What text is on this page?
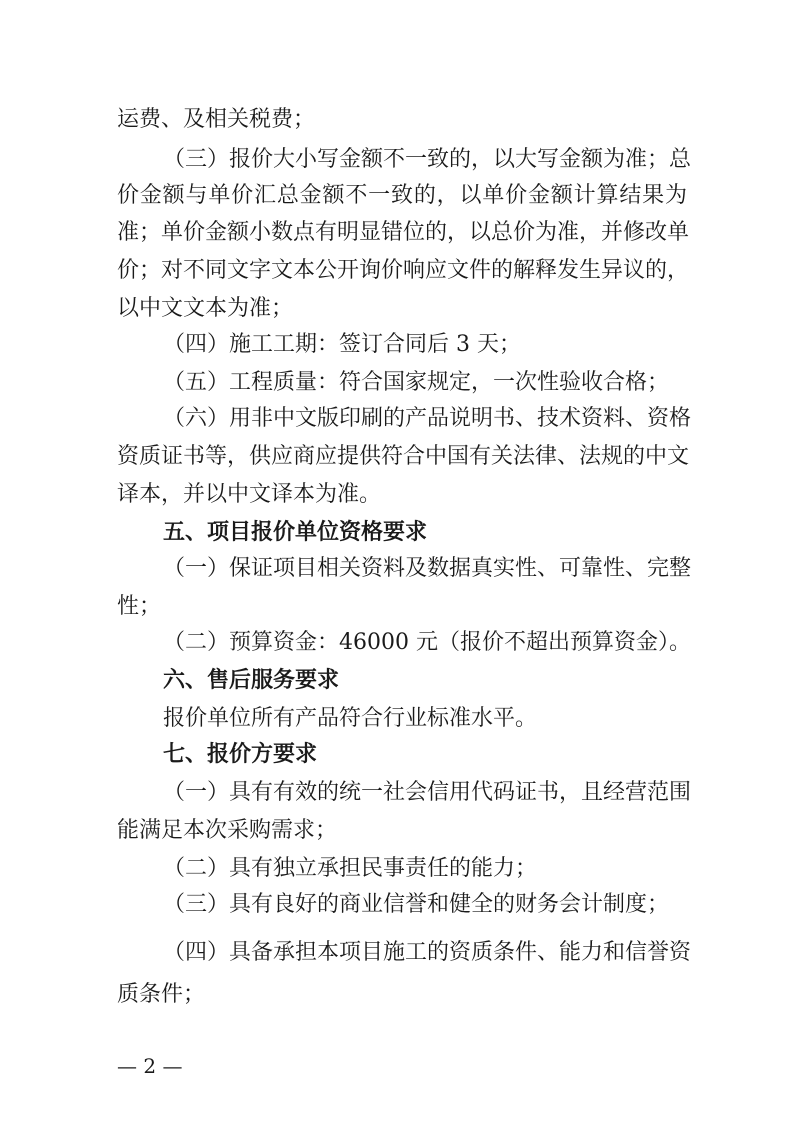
运费、及相关税费；
（三）报价大小写金额不一致的，以大写金额为准；总
价金额与单价汇总金额不一致的，以单价金额计算结果为
准；单价金额小数点有明显错位的，以总价为准，并修改单
价；对不同文字文本公开询价响应文件的解释发生异议的，
以中文文本为准；
（四）施工工期：签订合同后 3 天；
（五）工程质量：符合国家规定，一次性验收合格；
（六）用非中文版印刷的产品说明书、技术资料、资格
资质证书等，供应商应提供符合中国有关法律、法规的中文
译本，并以中文译本为准。
五、项目报价单位资格要求
（一）保证项目相关资料及数据真实性、可靠性、完整
性；
（二）预算资金：46000 元（报价不超出预算资金）。
六、售后服务要求
报价单位所有产品符合行业标准水平。
七、报价方要求
（一）具有有效的统一社会信用代码证书，且经营范围
能满足本次采购需求；
（二）具有独立承担民事责任的能力；
（三）具有良好的商业信誉和健全的财务会计制度；
（四）具备承担本项目施工的资质条件、能力和信誉资
质条件；
— 2 —
